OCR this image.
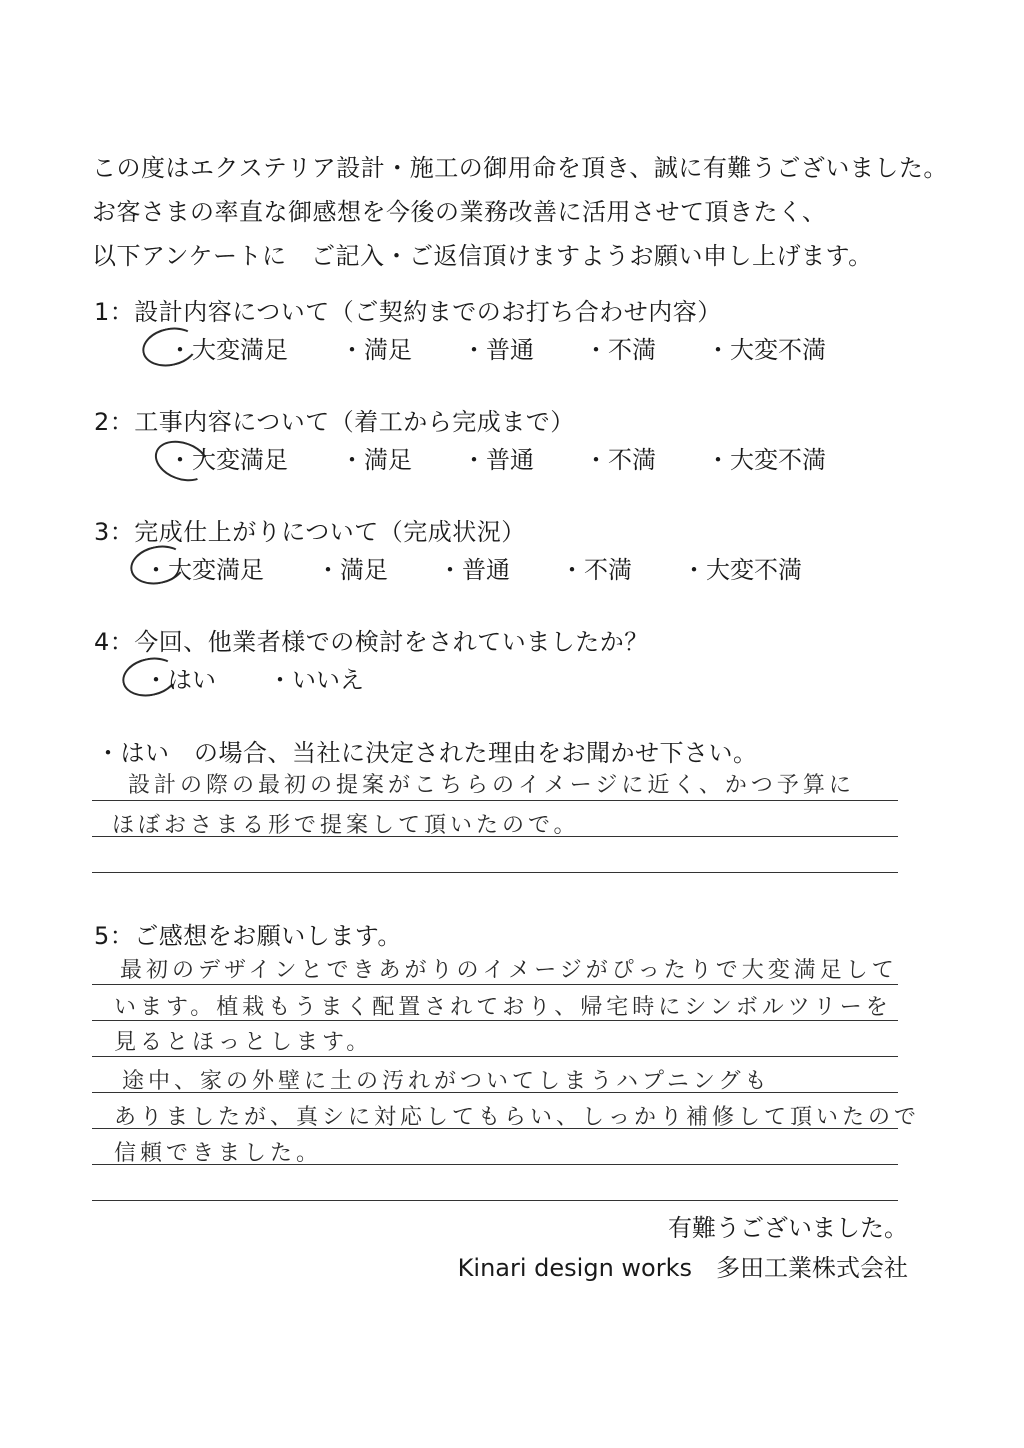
この度はエクステリア設計・施工の御用命を頂き、誠に有難うございました。
お客さまの率直な御感想を今後の業務改善に活用させて頂きたく、
以下アンケートに　ご記入・ご返信頂けますようお願い申し上げます。
1：設計内容について（ご契約までのお打ち合わせ内容）
・大変満足 ・満足 ・普通 ・不満 ・大変不満
2：工事内容について（着工から完成まで）
・大変満足 ・満足 ・普通 ・不満 ・大変不満
3：完成仕上がりについて（完成状況）
・大変満足 ・満足 ・普通 ・不満 ・大変不満
4：今回、他業者様での検討をされていましたか？
・はい ・いいえ
・はい　の場合、当社に決定された理由をお聞かせ下さい。
設計の際の最初の提案がこちらのイメージに近く、かつ予算に
ほぼおさまる形で提案して頂いたので。
5：ご感想をお願いします。
最初のデザインとできあがりのイメージがぴったりで大変満足して
います。植栽もうまく配置されており、帰宅時にシンボルツリーを
見るとほっとします。
途中、家の外壁に土の汚れがついてしまうハプニングも
ありましたが、真シに対応してもらい、しっかり補修して頂いたので
信頼できました。
有難うございました。
Kinari design works　多田工業株式会社
